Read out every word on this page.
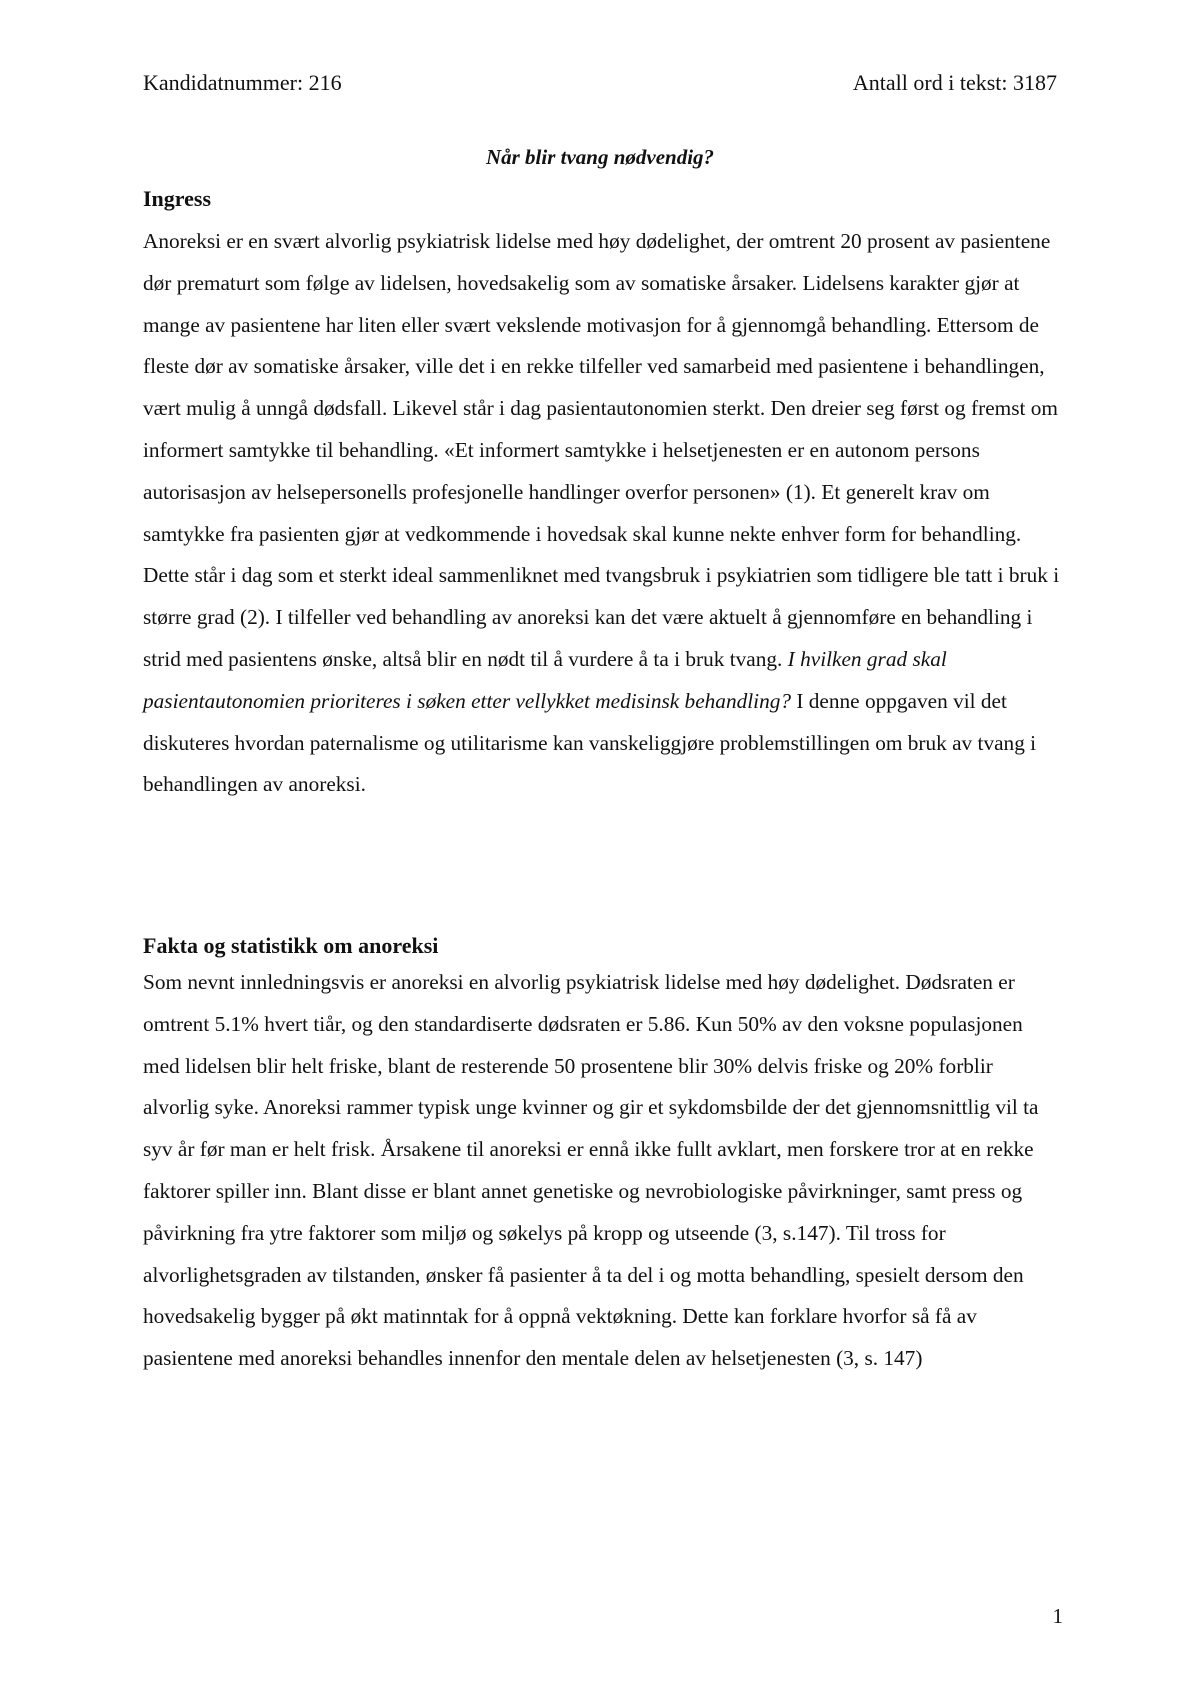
Kandidatnummer: 216	Antall ord i tekst: 3187
Når blir tvang nødvendig?
Ingress

Anoreksi er en svært alvorlig psykiatrisk lidelse med høy dødelighet, der omtrent 20 prosent av pasientene dør prematurt som følge av lidelsen, hovedsakelig som av somatiske årsaker. Lidelsens karakter gjør at mange av pasientene har liten eller svært vekslende motivasjon for å gjennomgå behandling. Ettersom de fleste dør av somatiske årsaker, ville det i en rekke tilfeller ved samarbeid med pasientene i behandlingen, vært mulig å unngå dødsfall. Likevel står i dag pasientautonomien sterkt. Den dreier seg først og fremst om informert samtykke til behandling. «Et informert samtykke i helsetjenesten er en autonom persons autorisasjon av helsepersonells profesjonelle handlinger overfor personen» (1). Et generelt krav om samtykke fra pasienten gjør at vedkommende i hovedsak skal kunne nekte enhver form for behandling. Dette står i dag som et sterkt ideal sammenliknet med tvangsbruk i psykiatrien som tidligere ble tatt i bruk i større grad (2). I tilfeller ved behandling av anoreksi kan det være aktuelt å gjennomføre en behandling i strid med pasientens ønske, altså blir en nødt til å vurdere å ta i bruk tvang. I hvilken grad skal pasientautonomien prioriteres i søken etter vellykket medisinsk behandling? I denne oppgaven vil det diskuteres hvordan paternalisme og utilitarisme kan vanskeliggjøre problemstillingen om bruk av tvang i behandlingen av anoreksi.

Fakta og statistikk om anoreksi

Som nevnt innledningsvis er anoreksi en alvorlig psykiatrisk lidelse med høy dødelighet. Dødsraten er omtrent 5.1% hvert tiår, og den standardiserte dødsraten er 5.86. Kun 50% av den voksne populasjonen med lidelsen blir helt friske, blant de resterende 50 prosentene blir 30% delvis friske og 20% forblir alvorlig syke. Anoreksi rammer typisk unge kvinner og gir et sykdomsbilde der det gjennomsnittlig vil ta syv år før man er helt frisk. Årsakene til anoreksi er ennå ikke fullt avklart, men forskere tror at en rekke faktorer spiller inn. Blant disse er blant annet genetiske og nevrobiologiske påvirkninger, samt press og påvirkning fra ytre faktorer som miljø og søkelys på kropp og utseende (3, s.147). Til tross for alvorlighetsgraden av tilstanden, ønsker få pasienter å ta del i og motta behandling, spesielt dersom den hovedsakelig bygger på økt matinntak for å oppnå vektøkning. Dette kan forklare hvorfor så få av pasientene med anoreksi behandles innenfor den mentale delen av helsetjenesten (3, s. 147)

1
